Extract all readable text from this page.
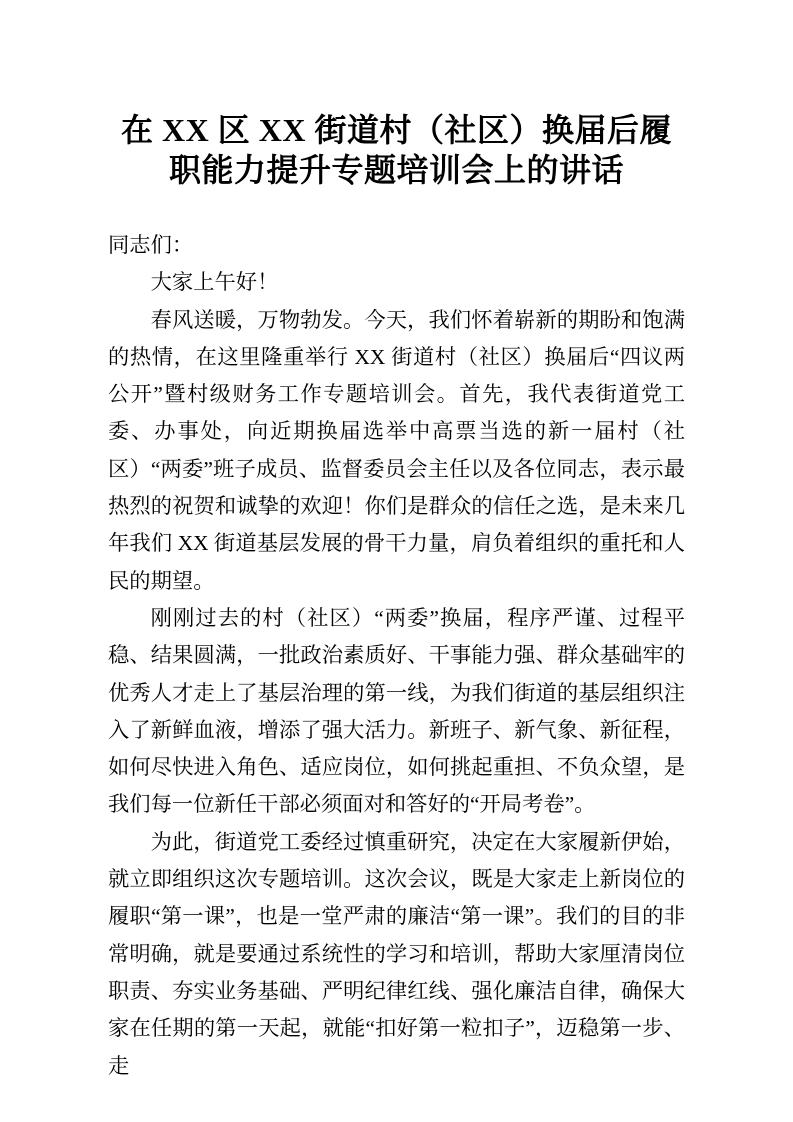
在 XX 区 XX 街道村（社区）换届后履职能力提升专题培训会上的讲话

同志们：

大家上午好！

春风送暖，万物勃发。今天，我们怀着崭新的期盼和饱满的热情，在这里隆重举行 XX 街道村（社区）换届后“四议两公开”暨村级财务工作专题培训会。首先，我代表街道党工委、办事处，向近期换届选举中高票当选的新一届村（社区）“两委”班子成员、监督委员会主任以及各位同志，表示最热烈的祝贺和诚挚的欢迎！你们是群众的信任之选，是未来几年我们 XX 街道基层发展的骨干力量，肩负着组织的重托和人民的期望。

刚刚过去的村（社区）“两委”换届，程序严谨、过程平稳、结果圆满，一批政治素质好、干事能力强、群众基础牢的优秀人才走上了基层治理的第一线，为我们街道的基层组织注入了新鲜血液，增添了强大活力。新班子、新气象、新征程，如何尽快进入角色、适应岗位，如何挑起重担、不负众望，是我们每一位新任干部必须面对和答好的“开局考卷”。

为此，街道党工委经过慎重研究，决定在大家履新伊始，就立即组织这次专题培训。这次会议，既是大家走上新岗位的履职“第一课”，也是一堂严肃的廉洁“第一课”。我们的目的非常明确，就是要通过系统性的学习和培训，帮助大家厘清岗位职责、夯实业务基础、严明纪律红线、强化廉洁自律，确保大家在任期的第一天起，就能“扣好第一粒扣子”，迈稳第一步、走
